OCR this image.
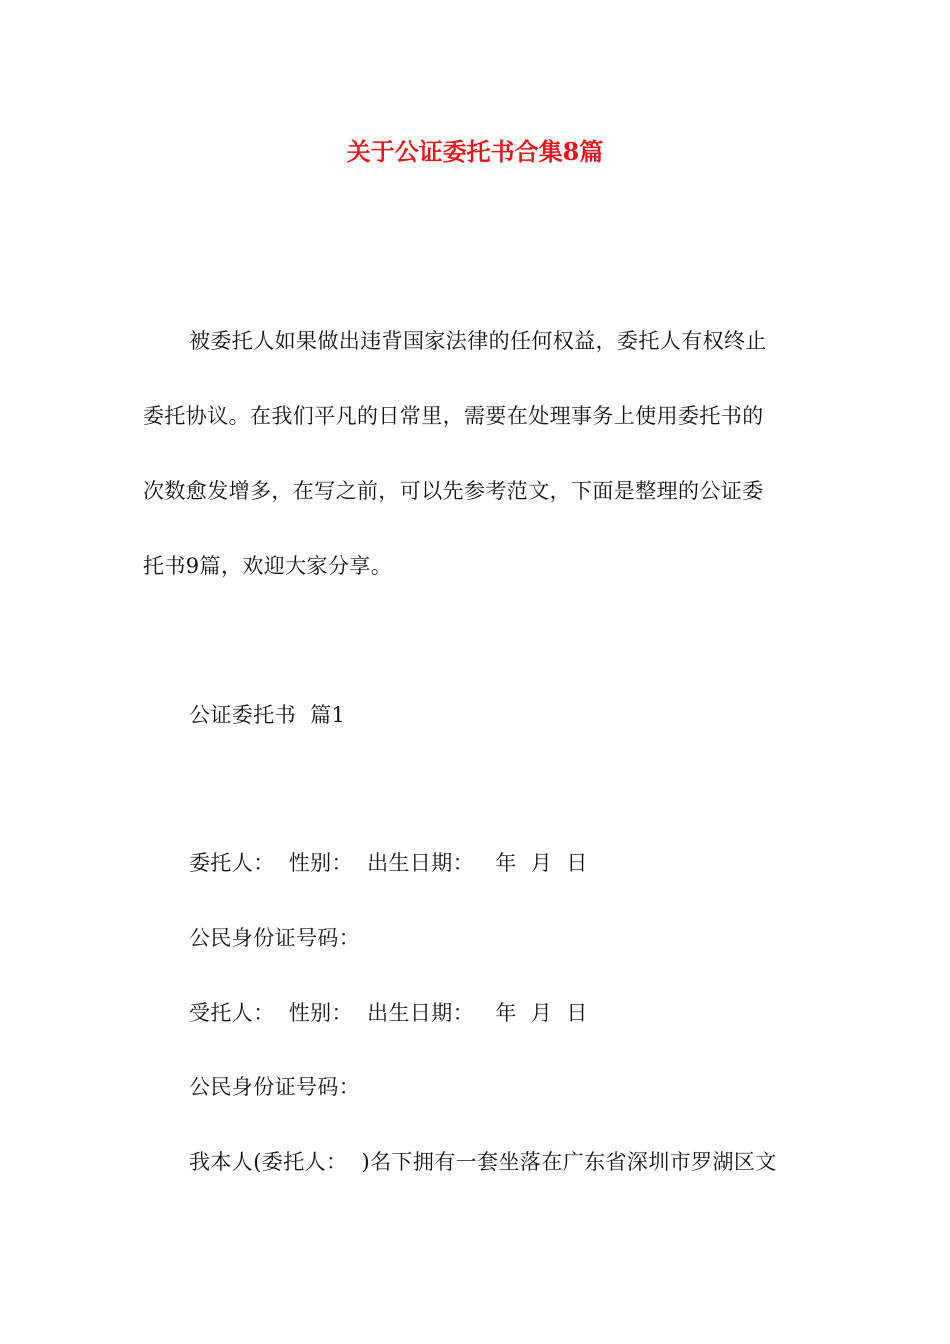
关于公证委托书合集8篇
被委托人如果做出违背国家法律的任何权益，委托人有权终止
委托协议。在我们平凡的日常里，需要在处理事务上使用委托书的
次数愈发增多，在写之前，可以先参考范文，下面是整理的公证委
托书9篇，欢迎大家分享。
公证委托书  篇1
委托人：  性别：  出生日期：   年  月  日
公民身份证号码：
受托人：  性别：  出生日期：   年  月  日
公民身份证号码：
我本人(委托人：  )名下拥有一套坐落在广东省深圳市罗湖区文
